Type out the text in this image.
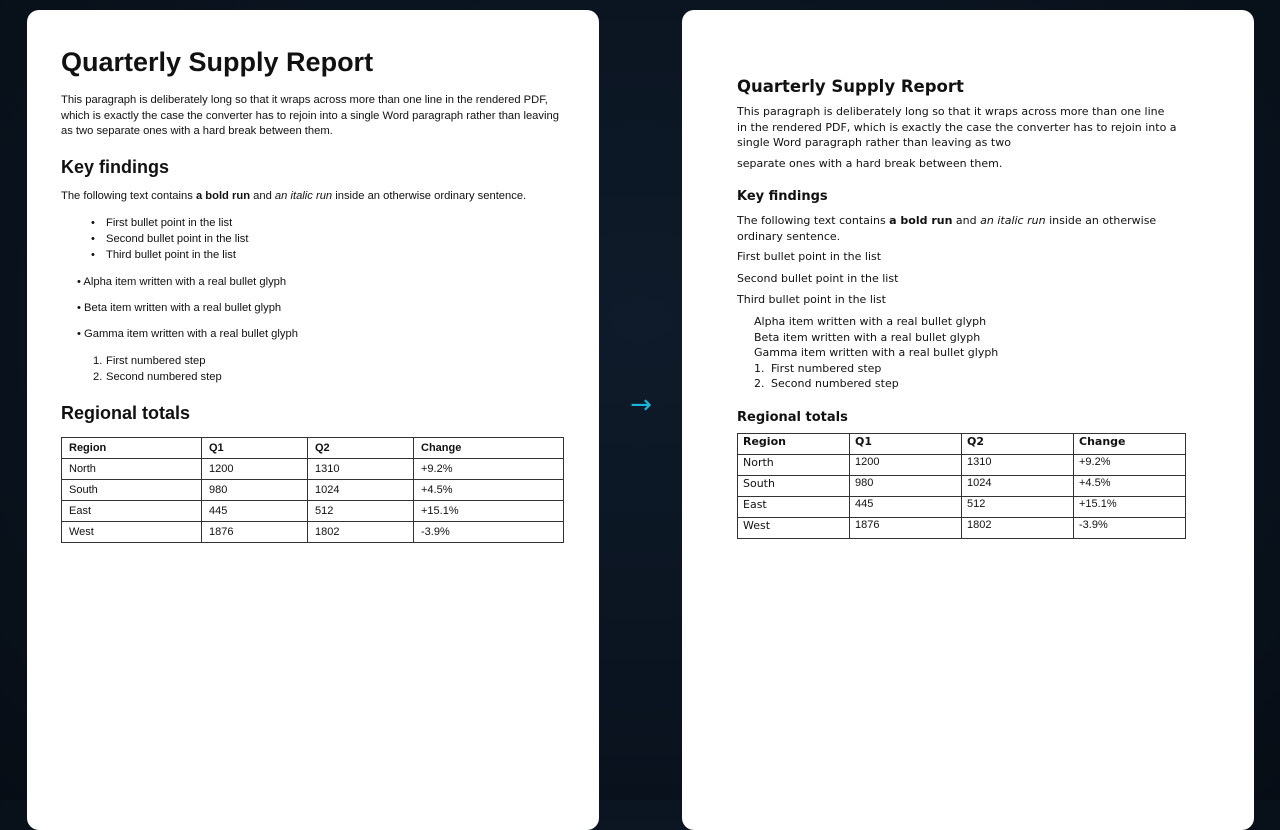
Quarterly Supply Report
This paragraph is deliberately long so that it wraps across more than one line in the rendered PDF, which is exactly the case the converter has to rejoin into a single Word paragraph rather than leaving as two separate ones with a hard break between them.
Key findings
The following text contains a bold run and an italic run inside an otherwise ordinary sentence.
• First bullet point in the list
• Second bullet point in the list
• Third bullet point in the list
• Alpha item written with a real bullet glyph
• Beta item written with a real bullet glyph
• Gamma item written with a real bullet glyph
1. First numbered step
2. Second numbered step
Regional totals
Region	Q1	Q2	Change
North	1200	1310	+9.2%
South	980	1024	+4.5%
East	445	512	+15.1%
West	1876	1802	-3.9%
→
Quarterly Supply Report
This paragraph is deliberately long so that it wraps across more than one line in the rendered PDF, which is exactly the case the converter has to rejoin into a single Word paragraph rather than leaving as two
separate ones with a hard break between them.
Key findings
The following text contains a bold run and an italic run inside an otherwise ordinary sentence.
First bullet point in the list
Second bullet point in the list
Third bullet point in the list
Alpha item written with a real bullet glyph
Beta item written with a real bullet glyph
Gamma item written with a real bullet glyph
1. First numbered step
2. Second numbered step
Regional totals
Region	Q1	Q2	Change
North	1200	1310	+9.2%
South	980	1024	+4.5%
East	445	512	+15.1%
West	1876	1802	-3.9%
